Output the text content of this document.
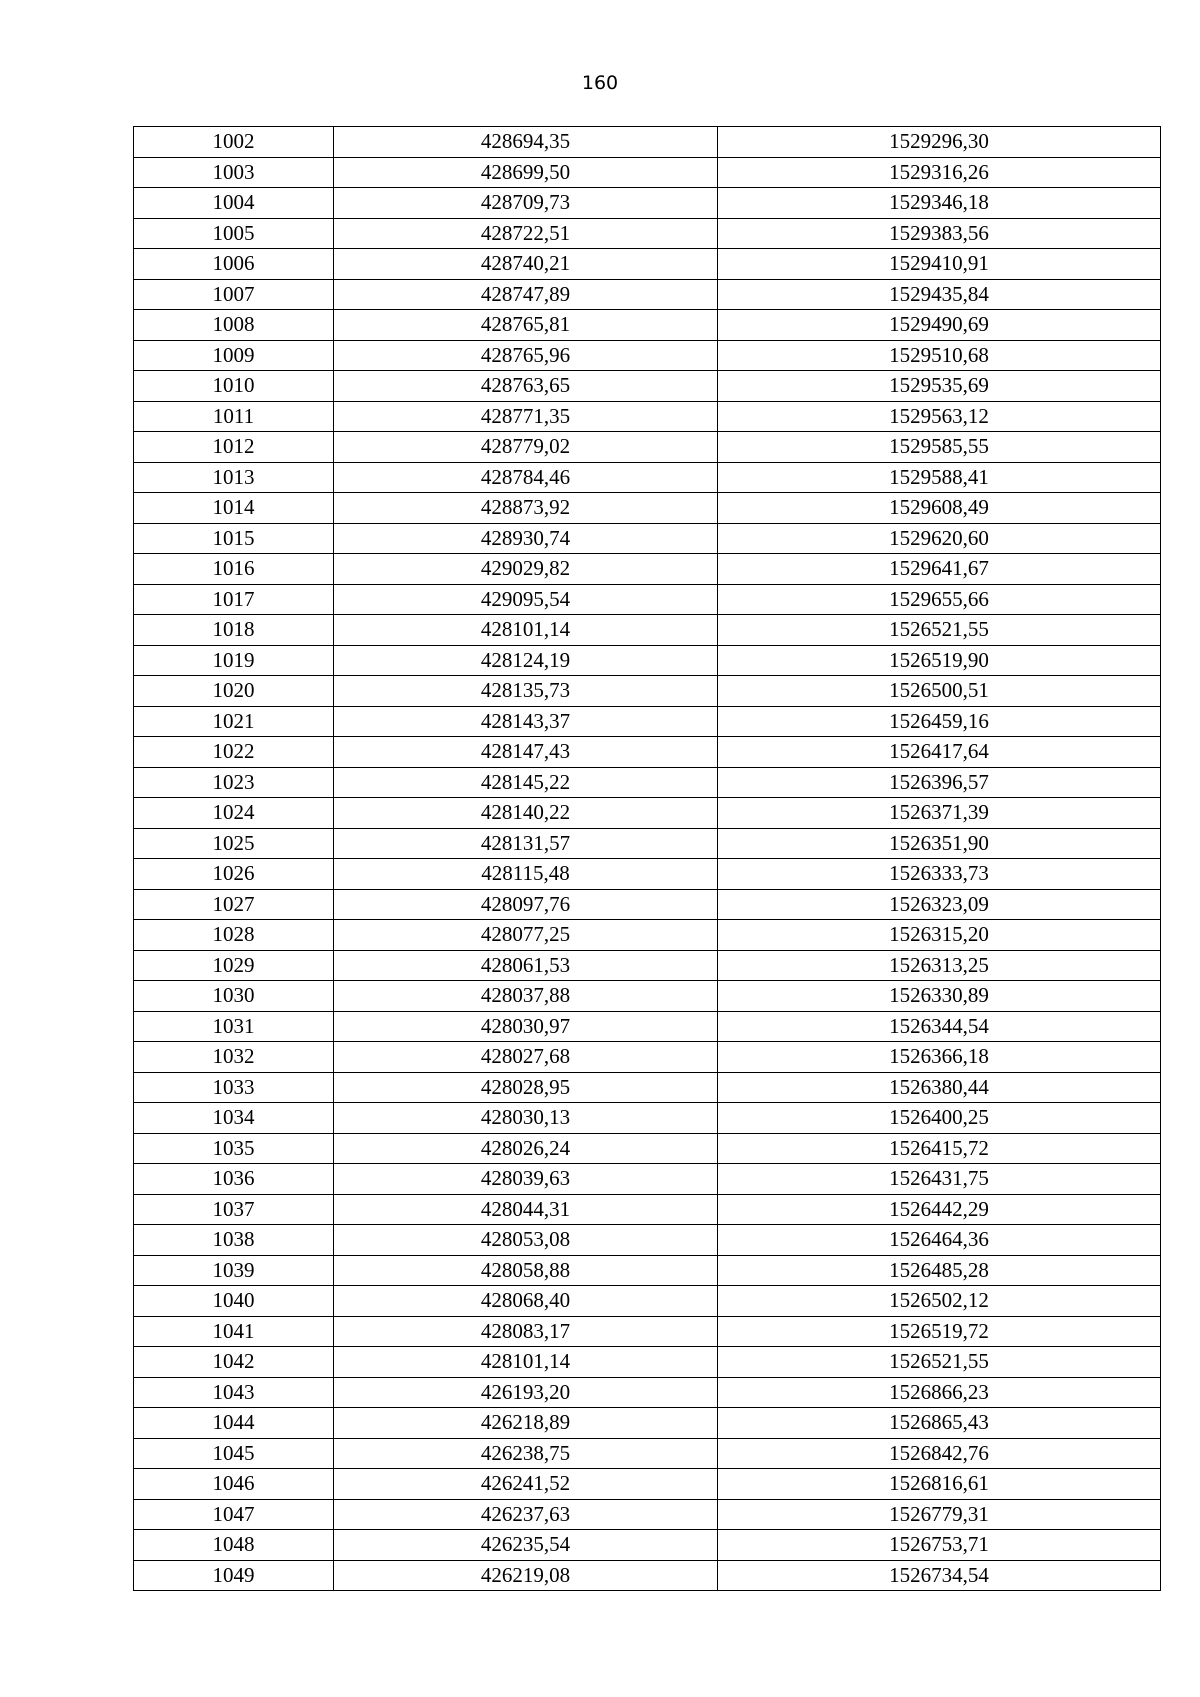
160
1002	428694,35	1529296,30
1003	428699,50	1529316,26
1004	428709,73	1529346,18
1005	428722,51	1529383,56
1006	428740,21	1529410,91
1007	428747,89	1529435,84
1008	428765,81	1529490,69
1009	428765,96	1529510,68
1010	428763,65	1529535,69
1011	428771,35	1529563,12
1012	428779,02	1529585,55
1013	428784,46	1529588,41
1014	428873,92	1529608,49
1015	428930,74	1529620,60
1016	429029,82	1529641,67
1017	429095,54	1529655,66
1018	428101,14	1526521,55
1019	428124,19	1526519,90
1020	428135,73	1526500,51
1021	428143,37	1526459,16
1022	428147,43	1526417,64
1023	428145,22	1526396,57
1024	428140,22	1526371,39
1025	428131,57	1526351,90
1026	428115,48	1526333,73
1027	428097,76	1526323,09
1028	428077,25	1526315,20
1029	428061,53	1526313,25
1030	428037,88	1526330,89
1031	428030,97	1526344,54
1032	428027,68	1526366,18
1033	428028,95	1526380,44
1034	428030,13	1526400,25
1035	428026,24	1526415,72
1036	428039,63	1526431,75
1037	428044,31	1526442,29
1038	428053,08	1526464,36
1039	428058,88	1526485,28
1040	428068,40	1526502,12
1041	428083,17	1526519,72
1042	428101,14	1526521,55
1043	426193,20	1526866,23
1044	426218,89	1526865,43
1045	426238,75	1526842,76
1046	426241,52	1526816,61
1047	426237,63	1526779,31
1048	426235,54	1526753,71
1049	426219,08	1526734,54
